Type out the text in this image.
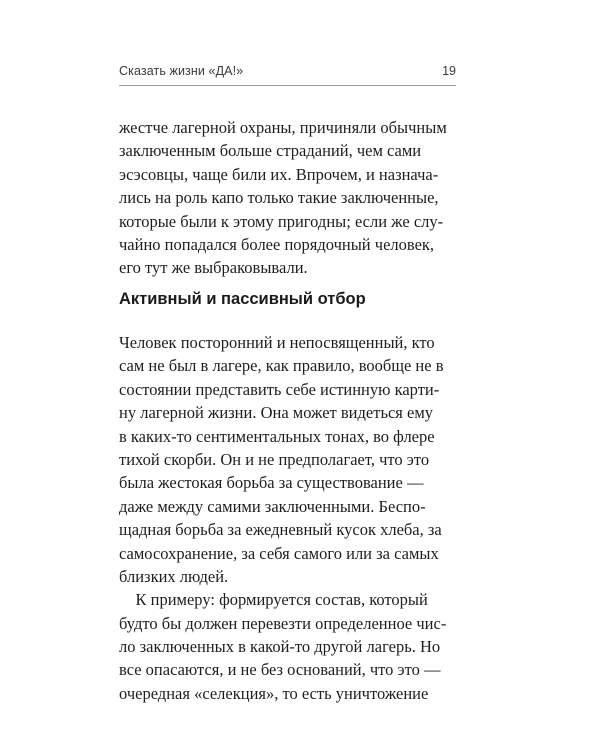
Сказать жизни «ДА!»	19
жестче лагерной охраны, причиняли обычным
заключенным больше страданий, чем сами
эсэсовцы, чаще били их. Впрочем, и назнача-
лись на роль капо только такие заключенные,
которые были к этому пригодны; если же слу-
чайно попадался более порядочный человек,
его тут же выбраковывали.
Активный и пассивный отбор
Человек посторонний и непосвященный, кто
сам не был в лагере, как правило, вообще не в
состоянии представить себе истинную карти-
ну лагерной жизни. Она может видеться ему
в каких-то сентиментальных тонах, во флере
тихой скорби. Он и не предполагает, что это
была жестокая борьба за существование —
даже между самими заключенными. Беспо-
щадная борьба за ежедневный кусок хлеба, за
самосохранение, за себя самого или за самых
близких людей.
К примеру: формируется состав, который
будто бы должен перевезти определенное чис-
ло заключенных в какой-то другой лагерь. Но
все опасаются, и не без оснований, что это —
очередная «селекция», то есть уничтожение
